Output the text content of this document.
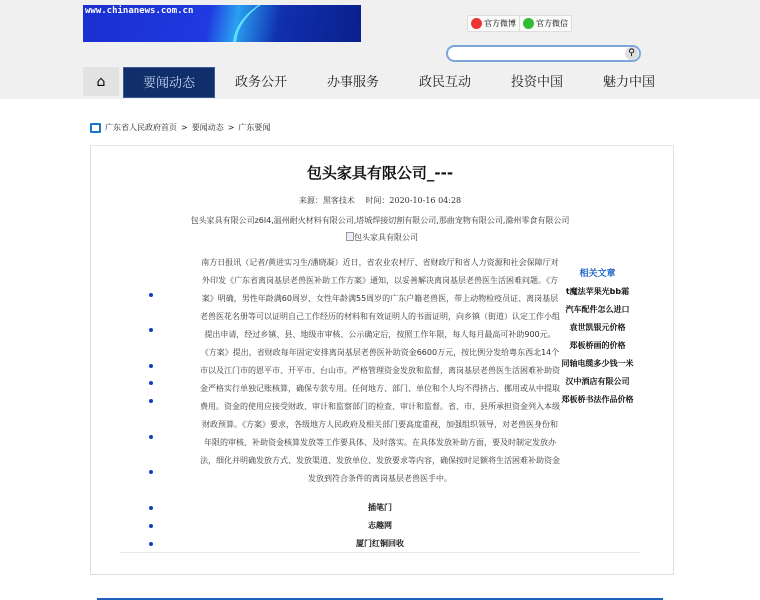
www.chinanews.com.cn
官方微博	官方微信
⚲
⌂	要闻动态	政务公开	办事服务	政民互动	投资中国	魅力中国
广东省人民政府首页 > 要闻动态 > 广东要闻
包头家具有限公司_---
来源：黑客技术　 时间：2020-10-16 04:28
包头家具有限公司z6l4,温州耐火材料有限公司,塔城焊接切割有限公司,那曲宠物有限公司,滁州零食有限公司
包头家具有限公司
南方日报讯（记者/黄进实习生/潘晓凝）近日，省农业农村厅、省财政厅和省人力资源和社会保障厅对外印发《广东省离岗基层老兽医补助工作方案》通知，以妥善解决离岗基层老兽医生活困难问题。《方案》明确，男性年龄满60周岁、女性年龄满55周岁的广东户籍老兽医，带上动物检疫员证、离岗基层老兽医花名册等可以证明自己工作经历的材料和有效证明人的书面证明，向乡镇（街道）认定工作小组提出申请，经过乡镇、县、地级市审核、公示确定后，按照工作年限，每人每月最高可补助900元。《方案》提出，省财政每年固定安排离岗基层老兽医补助资金6600万元，按比例分发给粤东西北14个市以及江门市的恩平市、开平市、台山市。严格管理资金发放和监督，离岗基层老兽医生活困难补助资金严格实行单独记账核算，确保专款专用。任何地方、部门、单位和个人均不得挤占、挪用或从中提取费用。资金的使用应接受财政、审计和监察部门的检查、审计和监督。省、市、县所承担资金列入本级财政预算。《方案》要求，各级地方人民政府及相关部门要高度重视，加强组织领导，对老兽医身份和年限的审核、补助资金核算发放等工作要具体、及时落实。在具体发放补助方面，要及时制定发放办法，细化并明确发放方式、发放渠道、发放单位、发放要求等内容，确保按时足额将生活困难补助资金发放到符合条件的离岗基层老兽医手中。
相关文章
t魔法苹果光bb霜
汽车配件怎么进口
袁世凯银元价格
郑板桥画的价格
同轴电缆多少钱一米
汉中酒店有限公司
郑板桥书法作品价格
插笔门
志趣网
厦门红铜回收
